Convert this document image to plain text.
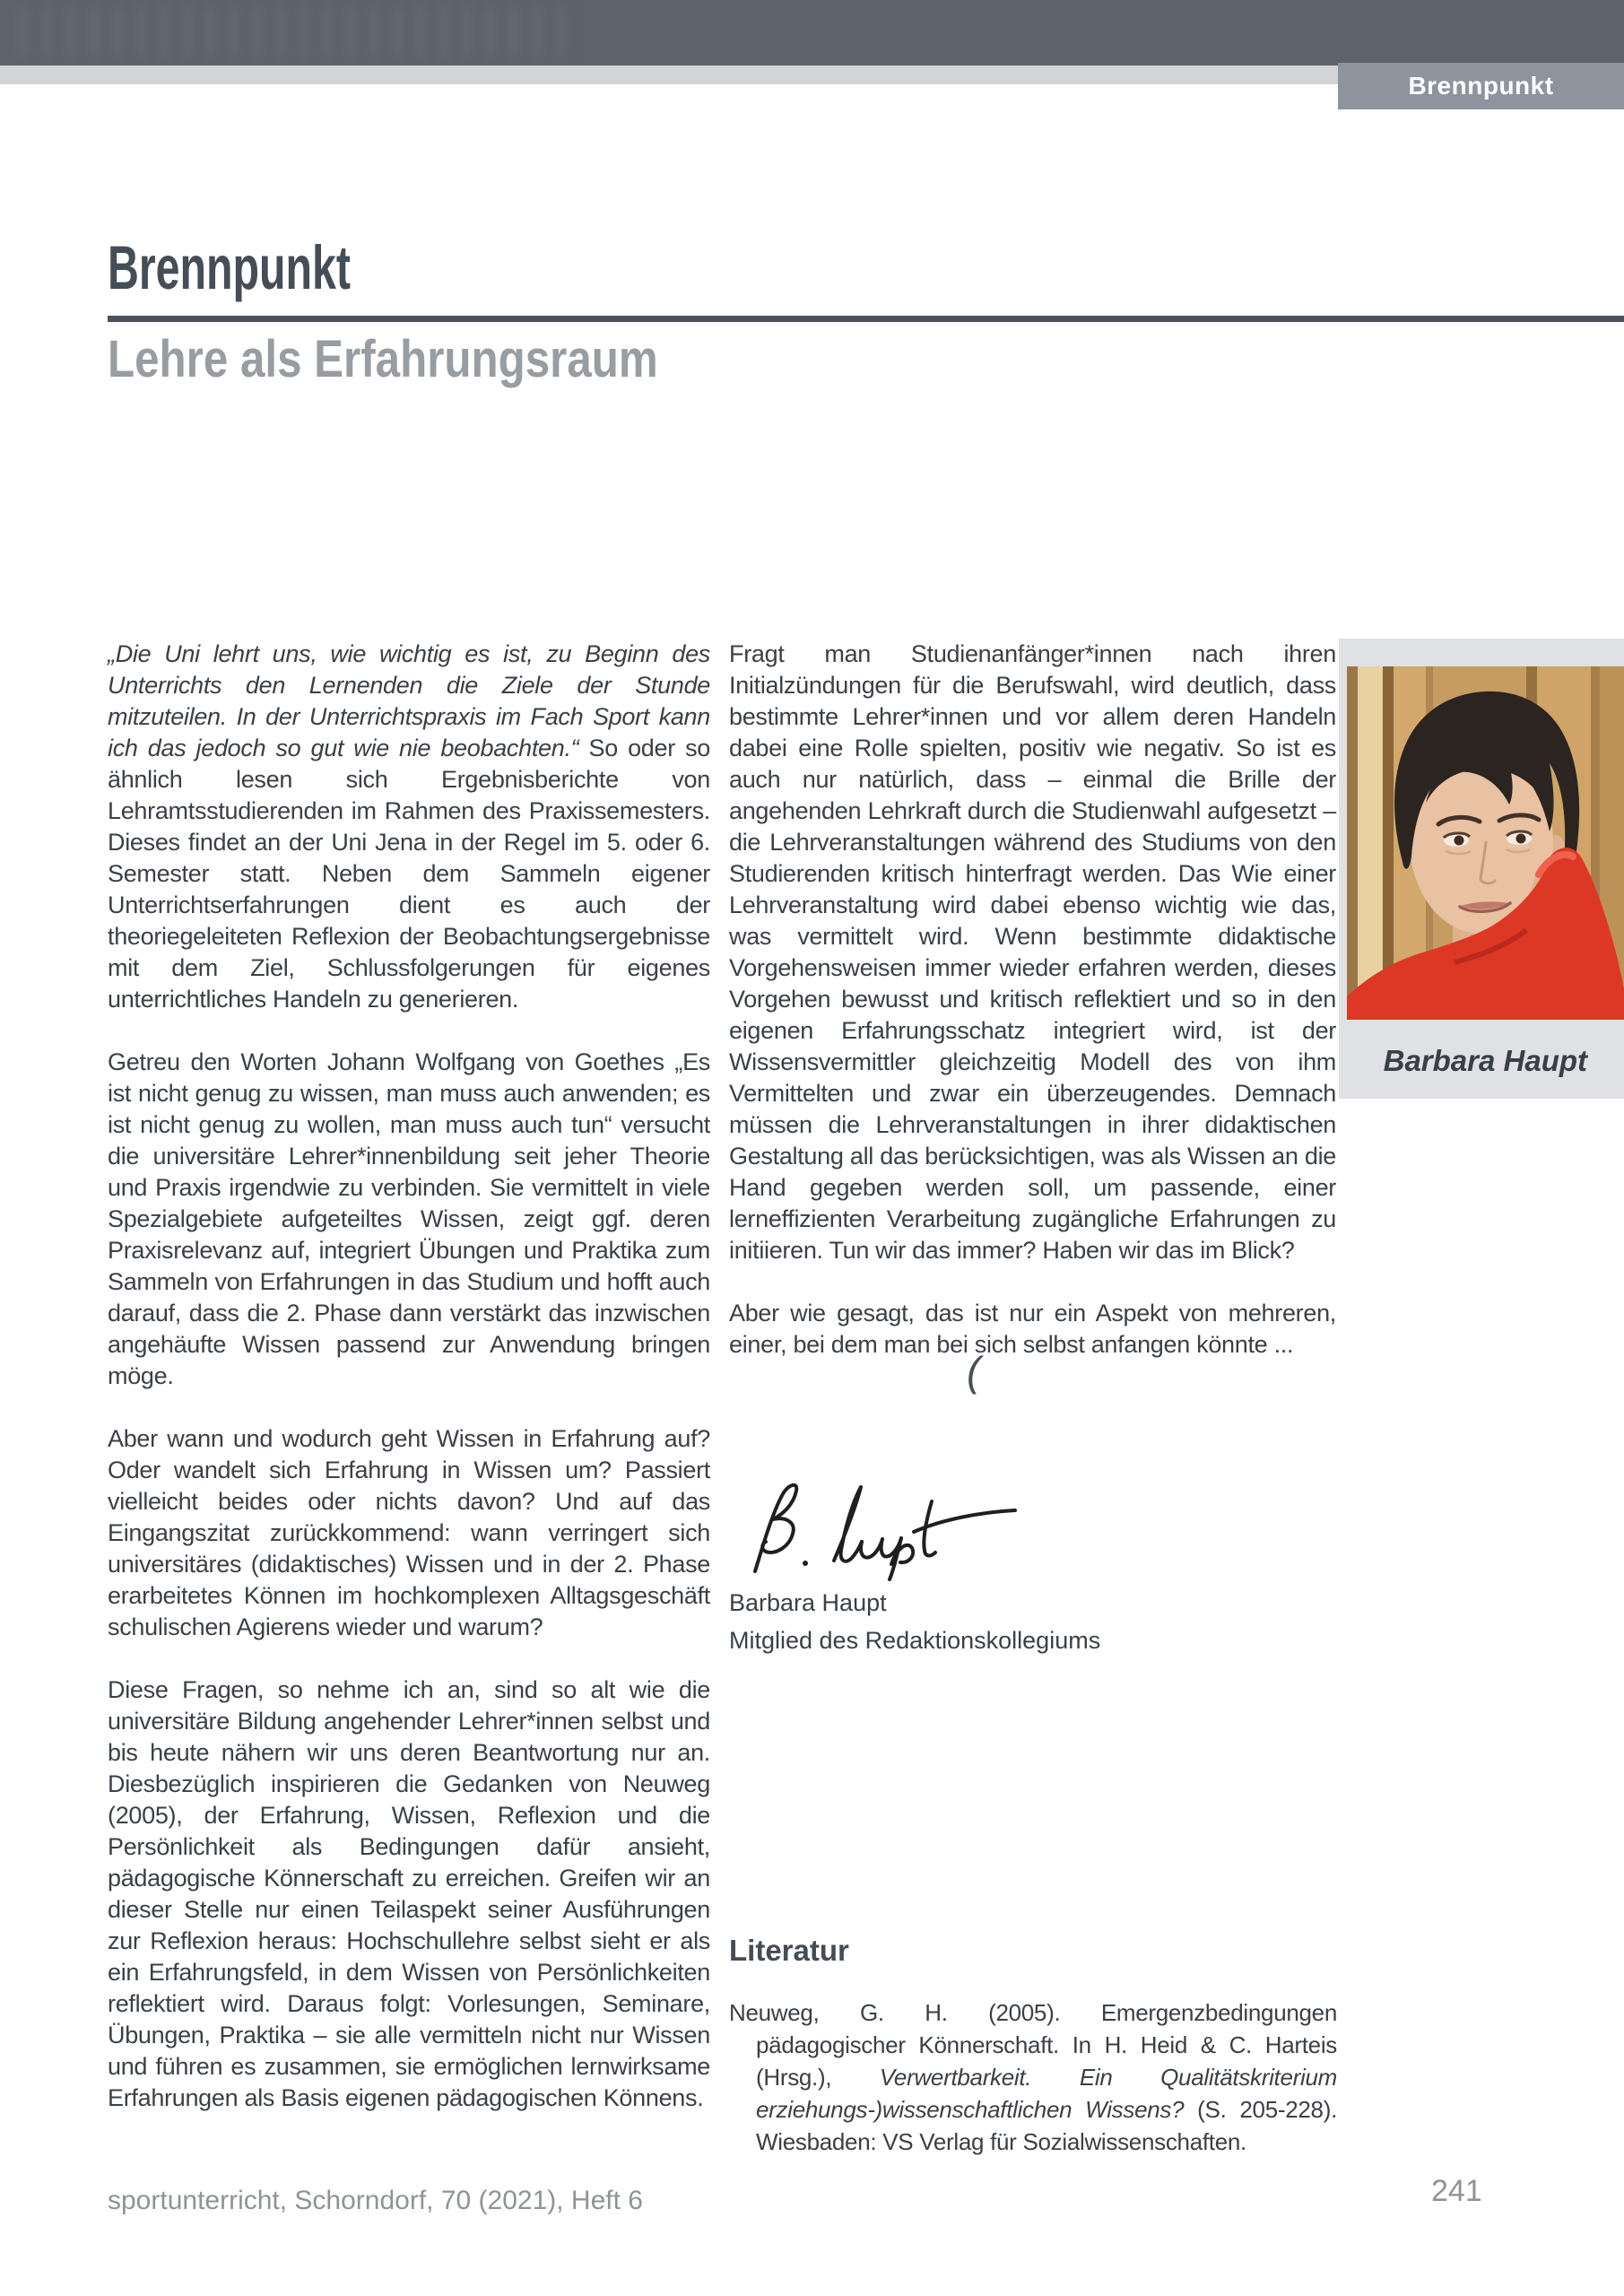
Brennpunkt
Brennpunkt
Lehre als Erfahrungsraum

„Die Uni lehrt uns, wie wichtig es ist, zu Beginn des Unterrichts den Lernenden die Ziele der Stunde mitzuteilen. In der Unterrichtspraxis im Fach Sport kann ich das jedoch so gut wie nie beobachten.“ So oder so ähnlich lesen sich Ergebnisberichte von Lehramtsstudierenden im Rahmen des Praxissemesters. Dieses findet an der Uni Jena in der Regel im 5. oder 6. Semester statt. Neben dem Sammeln eigener Unterrichtserfahrungen dient es auch der theoriegeleiteten Reflexion der Beobachtungsergebnisse mit dem Ziel, Schlussfolgerungen für eigenes unterrichtliches Handeln zu generieren.

Getreu den Worten Johann Wolfgang von Goethes „Es ist nicht genug zu wissen, man muss auch anwenden; es ist nicht genug zu wollen, man muss auch tun“ versucht die universitäre Lehrer*innenbildung seit jeher Theorie und Praxis irgendwie zu verbinden. Sie vermittelt in viele Spezialgebiete aufgeteiltes Wissen, zeigt ggf. deren Praxisrelevanz auf, integriert Übungen und Praktika zum Sammeln von Erfahrungen in das Studium und hofft auch darauf, dass die 2. Phase dann verstärkt das inzwischen angehäufte Wissen passend zur Anwendung bringen möge.

Aber wann und wodurch geht Wissen in Erfahrung auf? Oder wandelt sich Erfahrung in Wissen um? Passiert vielleicht beides oder nichts davon? Und auf das Eingangszitat zurückkommend: wann verringert sich universitäres (didaktisches) Wissen und in der 2. Phase erarbeitetes Können im hochkomplexen Alltagsgeschäft schulischen Agierens wieder und warum?

Diese Fragen, so nehme ich an, sind so alt wie die universitäre Bildung angehender Lehrer*innen selbst und bis heute nähern wir uns deren Beantwortung nur an. Diesbezüglich inspirieren die Gedanken von Neuweg (2005), der Erfahrung, Wissen, Reflexion und die Persönlichkeit als Bedingungen dafür ansieht, pädagogische Könnerschaft zu erreichen. Greifen wir an dieser Stelle nur einen Teilaspekt seiner Ausführungen zur Reflexion heraus: Hochschullehre selbst sieht er als ein Erfahrungsfeld, in dem Wissen von Persönlichkeiten reflektiert wird. Daraus folgt: Vorlesungen, Seminare, Übungen, Praktika – sie alle vermitteln nicht nur Wissen und führen es zusammen, sie ermöglichen lernwirksame Erfahrungen als Basis eigenen pädagogischen Könnens.

Fragt man Studienanfänger*innen nach ihren Initialzündungen für die Berufswahl, wird deutlich, dass bestimmte Lehrer*innen und vor allem deren Handeln dabei eine Rolle spielten, positiv wie negativ. So ist es auch nur natürlich, dass – einmal die Brille der angehenden Lehrkraft durch die Studienwahl aufgesetzt – die Lehrveranstaltungen während des Studiums von den Studierenden kritisch hinterfragt werden. Das Wie einer Lehrveranstaltung wird dabei ebenso wichtig wie das, was vermittelt wird. Wenn bestimmte didaktische Vorgehensweisen immer wieder erfahren werden, dieses Vorgehen bewusst und kritisch reflektiert und so in den eigenen Erfahrungsschatz integriert wird, ist der Wissensvermittler gleichzeitig Modell des von ihm Vermittelten und zwar ein überzeugendes. Demnach müssen die Lehrveranstaltungen in ihrer didaktischen Gestaltung all das berücksichtigen, was als Wissen an die Hand gegeben werden soll, um passende, einer lerneffizienten Verarbeitung zugängliche Erfahrungen zu initiieren. Tun wir das immer? Haben wir das im Blick?

Aber wie gesagt, das ist nur ein Aspekt von mehreren, einer, bei dem man bei sich selbst anfangen könnte ...

(
Barbara Haupt
Mitglied des Redaktionskollegiums
Barbara Haupt
Literatur

Neuweg, G. H. (2005). Emergenzbedingungen pädagogischer Könnerschaft. In H. Heid & C. Harteis (Hrsg.), Verwertbarkeit. Ein Qualitätskriterium erziehungs-)wissenschaftlichen Wissens? (S. 205-228). Wiesbaden: VS Verlag für Sozialwissenschaften.

sportunterricht, Schorndorf, 70 (2021), Heft 6	241
